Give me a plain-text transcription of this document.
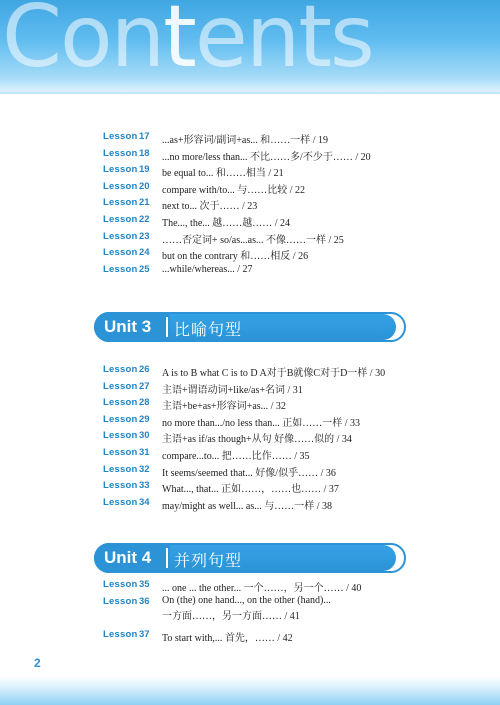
Contents
Lesson 17 ...as+形容词/副词+as... 和……一样 / 19
Lesson 18 ...no more/less than... 不比……多/不少于…… / 20
Lesson 19 be equal to... 和……相当 / 21
Lesson 20 compare with/to... 与……比较 / 22
Lesson 21 next to... 次于…… / 23
Lesson 22 The..., the... 越……越…… / 24
Lesson 23 ……否定词+ so/as...as... 不像……一样 / 25
Lesson 24 but on the contrary 和……相反 / 26
Lesson 25 ...while/whereas... / 27
Unit 3 比喻句型
Lesson 26 A is to B what C is to D A对于B就像C对于D一样 / 30
Lesson 27 主语+谓语动词+like/as+名词 / 31
Lesson 28 主语+be+as+形容词+as... / 32
Lesson 29 no more than.../no less than... 正如……一样 / 33
Lesson 30 主语+as if/as though+从句 好像……似的 / 34
Lesson 31 compare...to... 把……比作…… / 35
Lesson 32 It seems/seemed that... 好像/似乎…… / 36
Lesson 33 What..., that... 正如……，……也…… / 37
Lesson 34 may/might as well... as... 与……一样 / 38
Unit 4 并列句型
Lesson 35 ... one ... the other... 一个……，另一个…… / 40
Lesson 36 On (the) one hand..., on the other (hand)...
一方面……，另一方面…… / 41
Lesson 37 To start with,... 首先，…… / 42
2
